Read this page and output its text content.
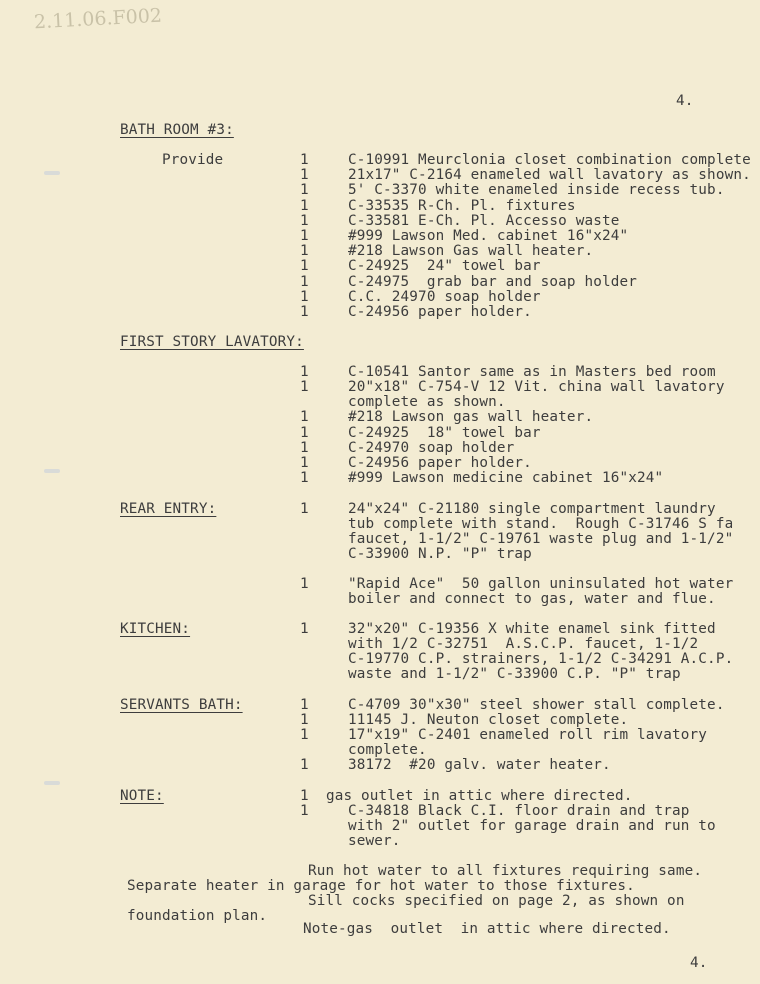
2.11.06.F002
4.
BATH ROOM #3:
Provide	1	C-10991 Meurclonia closet combination complete
1	21x17" C-2164 enameled wall lavatory as shown.
1	5' C-3370 white enameled inside recess tub.
1	C-33535 R-Ch. Pl. fixtures
1	C-33581 E-Ch. Pl. Accesso waste
1	#999 Lawson Med. cabinet 16"x24"
1	#218 Lawson Gas wall heater.
1	C-24925  24" towel bar
1	C-24975  grab bar and soap holder
1	C.C. 24970 soap holder
1	C-24956 paper holder.
FIRST STORY LAVATORY:
1	C-10541 Santor same as in Masters bed room
1	20"x18" C-754-V 12 Vit. china wall lavatory
complete as shown.
1	#218 Lawson gas wall heater.
1	C-24925  18" towel bar
1	C-24970 soap holder
1	C-24956 paper holder.
1	#999 Lawson medicine cabinet 16"x24"
REAR ENTRY:	1	24"x24" C-21180 single compartment laundry
tub complete with stand.  Rough C-31746 S fa
faucet, 1-1/2" C-19761 waste plug and 1-1/2"
C-33900 N.P. "P" trap
1	"Rapid Ace"  50 gallon uninsulated hot water
boiler and connect to gas, water and flue.
KITCHEN:	1	32"x20" C-19356 X white enamel sink fitted
with 1/2 C-32751  A.S.C.P. faucet, 1-1/2
C-19770 C.P. strainers, 1-1/2 C-34291 A.C.P.
waste and 1-1/2" C-33900 C.P. "P" trap
SERVANTS BATH:	1	C-4709 30"x30" steel shower stall complete.
1	11145 J. Neuton closet complete.
1	17"x19" C-2401 enameled roll rim lavatory
complete.
1	38172  #20 galv. water heater.
NOTE:	1 gas outlet in attic where directed.
1	C-34818 Black C.I. floor drain and trap
with 2" outlet for garage drain and run to
sewer.
Run hot water to all fixtures requiring same.
Separate heater in garage for hot water to those fixtures.
Sill cocks specified on page 2, as shown on
foundation plan.
Note-gas  outlet  in attic where directed.
4.
